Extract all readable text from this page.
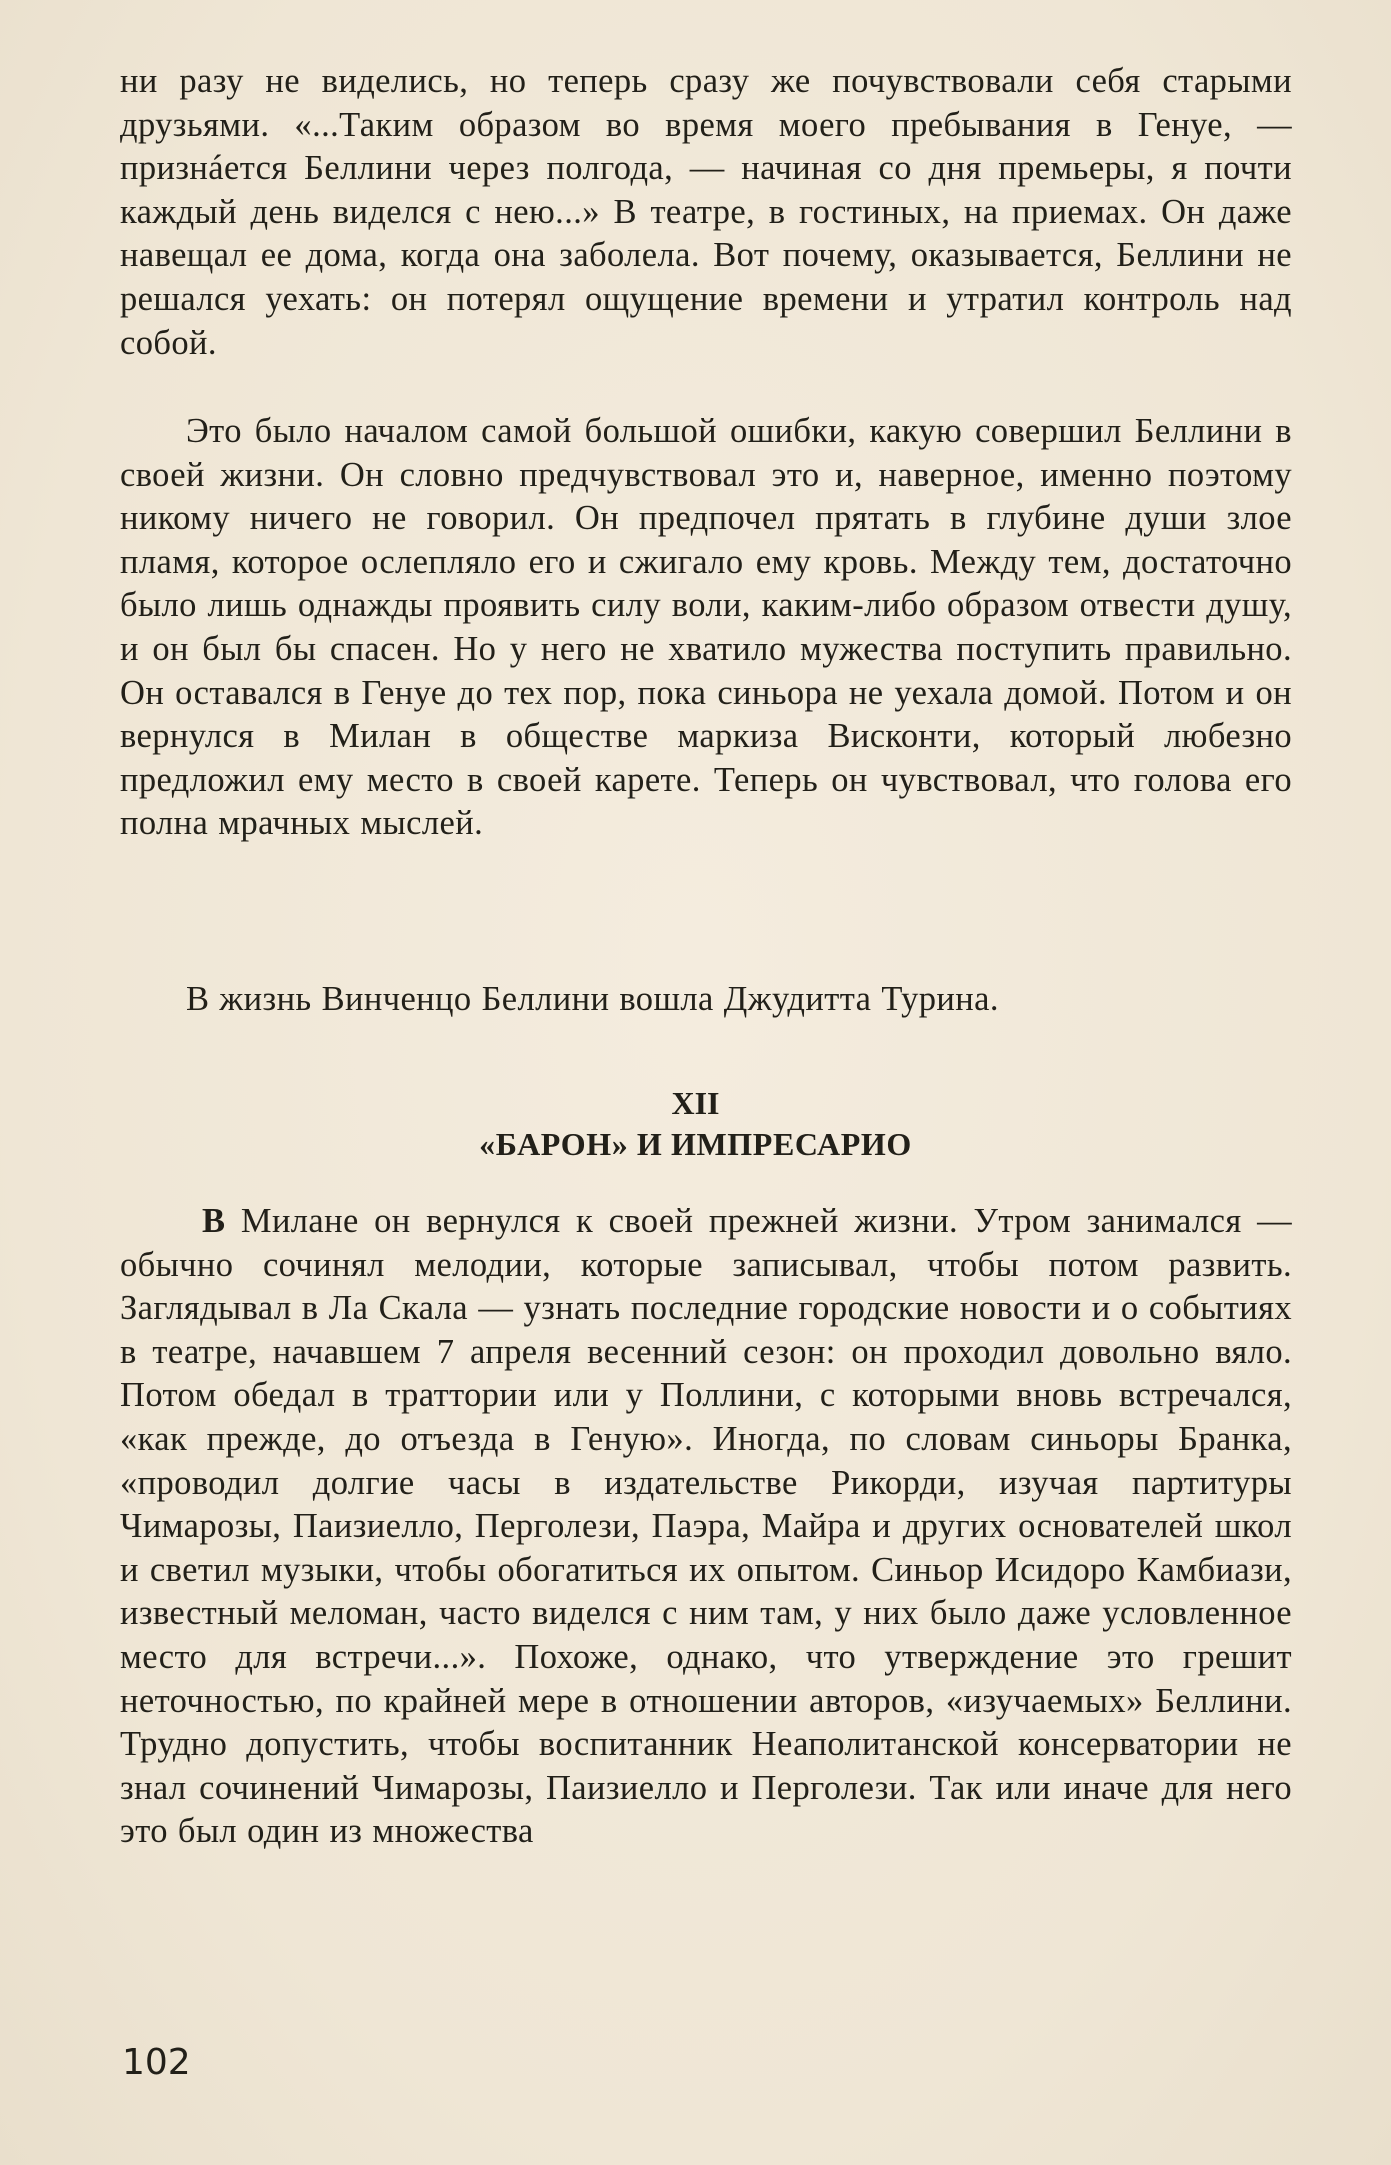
ни разу не виделись, но теперь сразу же почувствовали себя старыми друзьями. «...Таким образом во время моего пребывания в Генуе, — признáется Беллини через полгода, — начиная со дня премьеры, я почти каждый день виделся с нею...» В театре, в гостиных, на приемах. Он даже навещал ее дома, когда она заболела. Вот почему, оказывается, Беллини не решался уехать: он потерял ощущение времени и утратил контроль над собой.
Это было началом самой большой ошибки, какую совершил Беллини в своей жизни. Он словно предчувствовал это и, наверное, именно поэтому никому ничего не говорил. Он предпочел прятать в глубине души злое пламя, которое ослепляло его и сжигало ему кровь. Между тем, достаточно было лишь однажды проявить силу воли, каким-либо образом отвести душу, и он был бы спасен. Но у него не хватило мужества поступить правильно. Он оставался в Генуе до тех пор, пока синьора не уехала домой. Потом и он вернулся в Милан в обществе маркиза Висконти, который любезно предложил ему место в своей карете. Теперь он чувствовал, что голова его полна мрачных мыслей.
В жизнь Винченцо Беллини вошла Джудитта Турина.
XII
«БАРОН» И ИМПРЕСАРИО
В Милане он вернулся к своей прежней жизни. Утром занимался — обычно сочинял мелодии, которые записывал, чтобы потом развить. Заглядывал в Ла Скала — узнать последние городские новости и о событиях в театре, начавшем 7 апреля весенний сезон: он проходил довольно вяло. Потом обедал в траттории или у Поллини, с которыми вновь встречался, «как прежде, до отъезда в Геную». Иногда, по словам синьоры Бранка, «проводил долгие часы в издательстве Рикорди, изучая партитуры Чимарозы, Паизиелло, Перголези, Паэра, Майра и других основателей школ и светил музыки, чтобы обогатиться их опытом. Синьор Исидоро Камбиази, известный меломан, часто виделся с ним там, у них было даже условленное место для встречи...». Похоже, однако, что утверждение это грешит неточностью, по крайней мере в отношении авторов, «изучаемых» Беллини. Трудно допустить, чтобы воспитанник Неаполитанской консерватории не знал сочинений Чимарозы, Паизиелло и Перголези. Так или иначе для него это был один из множества
102
